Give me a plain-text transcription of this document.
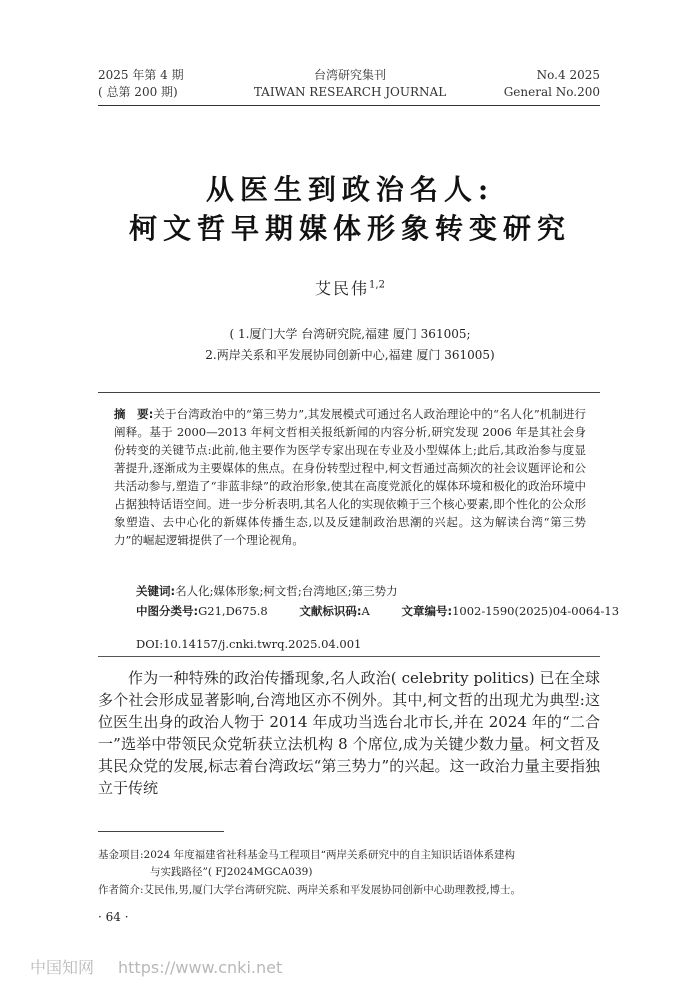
2025 年第 4 期
( 总第 200 期)
台湾研究集刊
TAIWAN RESEARCH JOURNAL
No.4 2025
General No.200
从医生到政治名人:
柯文哲早期媒体形象转变研究
艾民伟$^{1,2}$
( 1.厦门大学 台湾研究院,福建 厦门 361005;
2.两岸关系和平发展协同创新中心,福建 厦门 361005)
摘　要:关于台湾政治中的“第三势力”,其发展模式可通过名人政治理论中的“名人化”机制进行阐释。基于 2000—2013 年柯文哲相关报纸新闻的内容分析,研究发现 2006 年是其社会身份转变的关键节点:此前,他主要作为医学专家出现在专业及小型媒体上;此后,其政治参与度显著提升,逐渐成为主要媒体的焦点。在身份转型过程中,柯文哲通过高频次的社会议题评论和公共活动参与,塑造了“非蓝非绿”的政治形象,使其在高度党派化的媒体环境和极化的政治环境中占据独特话语空间。进一步分析表明,其名人化的实现依赖于三个核心要素,即个性化的公众形象塑造、去中心化的新媒体传播生态,以及反建制政治思潮的兴起。这为解读台湾“第三势力”的崛起逻辑提供了一个理论视角。
关键词:名人化;媒体形象;柯文哲;台湾地区;第三势力
中图分类号:G21,D675.8	文献标识码:A	文章编号:1002-1590(2025)04-0064-13
DOI:10.14157/j.cnki.twrq.2025.04.001
作为一种特殊的政治传播现象,名人政治( celebrity politics) 已在全球多个社会形成显著影响,台湾地区亦不例外。其中,柯文哲的出现尤为典型:这位医生出身的政治人物于 2014 年成功当选台北市长,并在 2024 年的“二合一”选举中带领民众党斩获立法机构 8 个席位,成为关键少数力量。柯文哲及其民众党的发展,标志着台湾政坛“第三势力”的兴起。这一政治力量主要指独立于传统
基金项目:2024 年度福建省社科基金马工程项目“两岸关系研究中的自主知识话语体系建构
与实践路径”( FJ2024MGCA039)
作者简介:艾民伟,男,厦门大学台湾研究院、两岸关系和平发展协同创新中心助理教授,博士。
· 64 ·
中国知网 https://www.cnki.net
